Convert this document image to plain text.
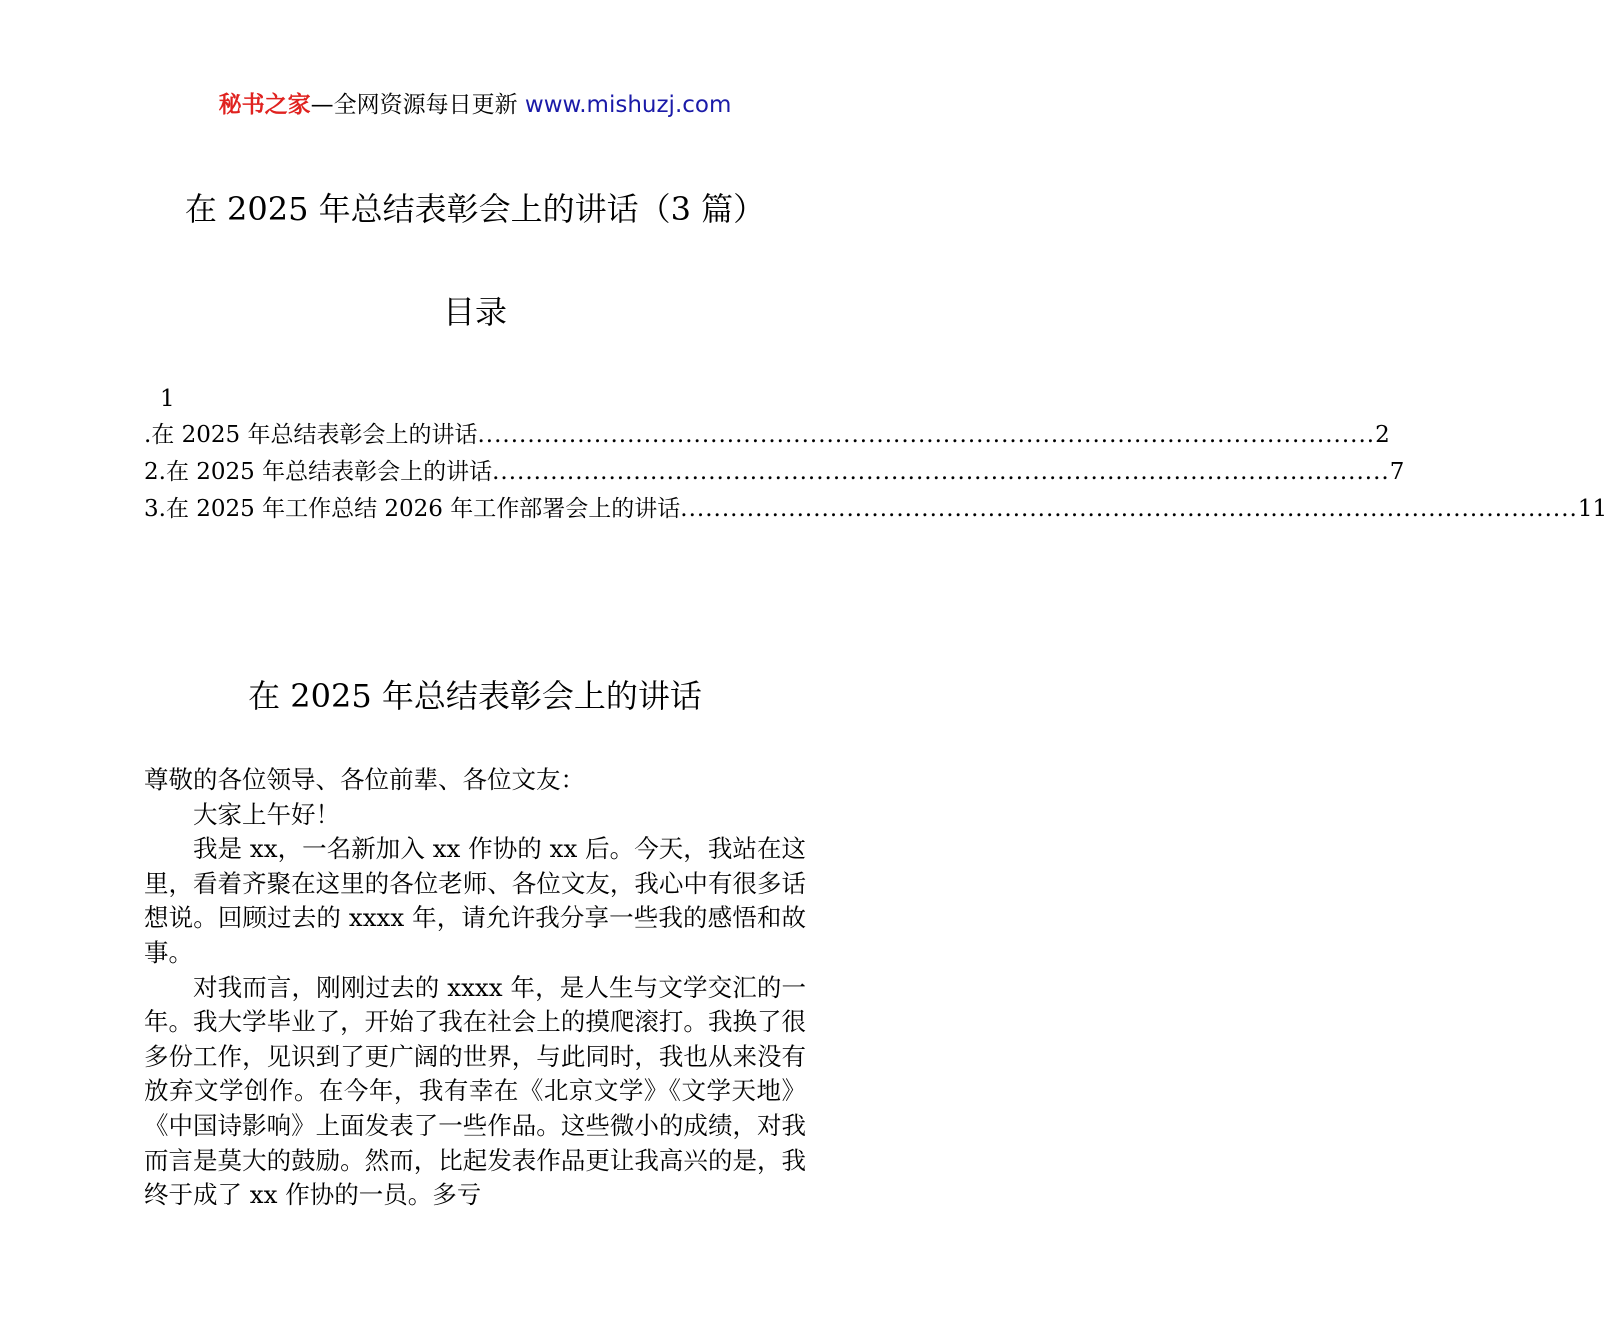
秘书之家—全网资源每日更新 www.mishuzj.com
在 2025 年总结表彰会上的讲话（3 篇）
目录
1
.在 2025 年总结表彰会上的讲话 ............................................................................................................ 2
2.在 2025 年总结表彰会上的讲话 ............................................................................................................ 7
3.在 2025 年工作总结 2026 年工作部署会上的讲话 ............................................................................................................ 11
在 2025 年总结表彰会上的讲话

尊敬的各位领导、各位前辈、各位文友：

大家上午好！

我是 xx，一名新加入 xx 作协的 xx 后。今天，我站在这里，看着齐聚在这里的各位老师、各位文友，我心中有很多话想说。回顾过去的 xxxx 年，请允许我分享一些我的感悟和故事。

对我而言，刚刚过去的 xxxx 年，是人生与文学交汇的一年。我大学毕业了，开始了我在社会上的摸爬滚打。我换了很多份工作，见识到了更广阔的世界，与此同时，我也从来没有放弃文学创作。在今年，我有幸在《北京文学》《文学天地》《中国诗影响》上面发表了一些作品。这些微小的成绩，对我而言是莫大的鼓励。然而，比起发表作品更让我高兴的是，我终于成了 xx 作协的一员。多亏
